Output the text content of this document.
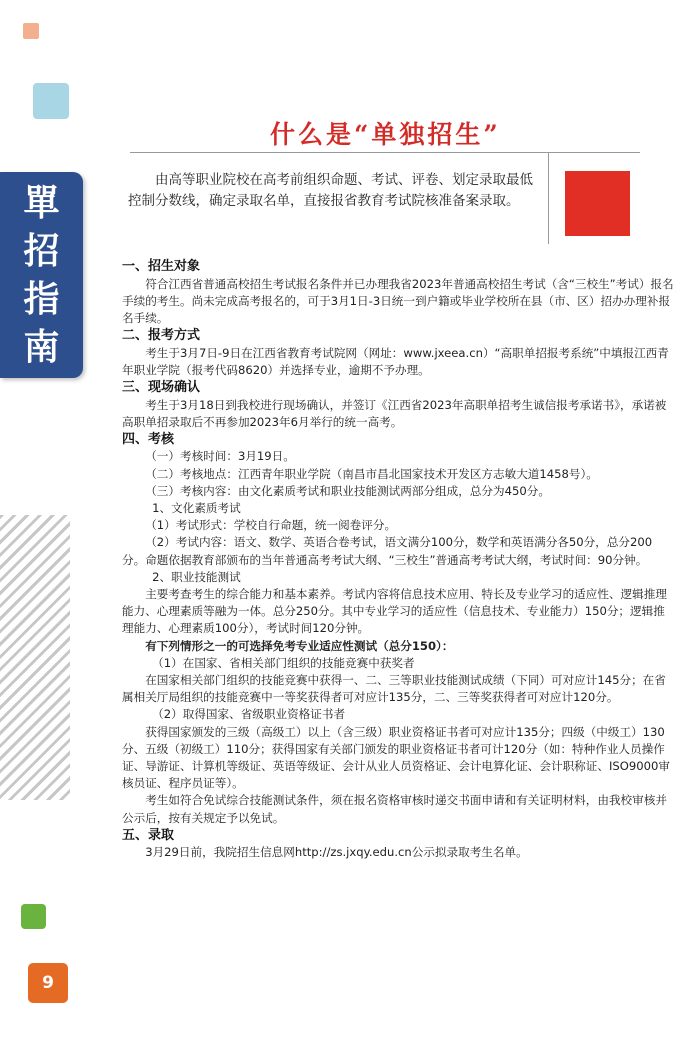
單
招
指
南
9
什么是“单独招生”
由高等职业院校在高考前组织命题、考试、评卷、划定录取最低控制分数线，确定录取名单，直接报省教育考试院核准备案录取。

一、招生对象

符合江西省普通高校招生考试报名条件并已办理我省2023年普通高校招生考试（含“三校生”考试）报名手续的考生。尚未完成高考报名的，可于3月1日-3日统一到户籍或毕业学校所在县（市、区）招办办理补报名手续。

二、报考方式

考生于3月7日-9日在江西省教育考试院网（网址：www.jxeea.cn）“高职单招报考系统”中填报江西青年职业学院（报考代码8620）并选择专业，逾期不予办理。

三、现场确认

考生于3月18日到我校进行现场确认，并签订《江西省2023年高职单招考生诚信报考承诺书》，承诺被高职单招录取后不再参加2023年6月举行的统一高考。

四、考核

（一）考核时间：3月19日。

（二）考核地点：江西青年职业学院（南昌市昌北国家技术开发区方志敏大道1458号）。

（三）考核内容：由文化素质考试和职业技能测试两部分组成，总分为450分。

1、文化素质考试

（1）考试形式：学校自行命题，统一阅卷评分。

（2）考试内容：语文、数学、英语合卷考试，语文满分100分，数学和英语满分各50分，总分200分。命题依据教育部颁布的当年普通高考考试大纲、“三校生”普通高考考试大纲，考试时间：90分钟。

2、职业技能测试

主要考查考生的综合能力和基本素养。考试内容将信息技术应用、特长及专业学习的适应性、逻辑推理能力、心理素质等融为一体。总分250分。其中专业学习的适应性（信息技术、专业能力）150分；逻辑推理能力、心理素质100分），考试时间120分钟。

有下列情形之一的可选择免考专业适应性测试（总分150）：

（1）在国家、省相关部门组织的技能竞赛中获奖者

在国家相关部门组织的技能竞赛中获得一、二、三等职业技能测试成绩（下同）可对应计145分；在省属相关厅局组织的技能竞赛中一等奖获得者可对应计135分，二、三等奖获得者可对应计120分。

（2）取得国家、省级职业资格证书者

获得国家颁发的三级（高级工）以上（含三级）职业资格证书者可对应计135分；四级（中级工）130分、五级（初级工）110分；获得国家有关部门颁发的职业资格证书者可计120分（如：特种作业人员操作证、导游证、计算机等级证、英语等级证、会计从业人员资格证、会计电算化证、会计职称证、ISO9000审核员证、程序员证等）。

考生如符合免试综合技能测试条件，须在报名资格审核时递交书面申请和有关证明材料，由我校审核并公示后，按有关规定予以免试。

五、录取

3月29日前，我院招生信息网http://zs.jxqy.edu.cn公示拟录取考生名单。
